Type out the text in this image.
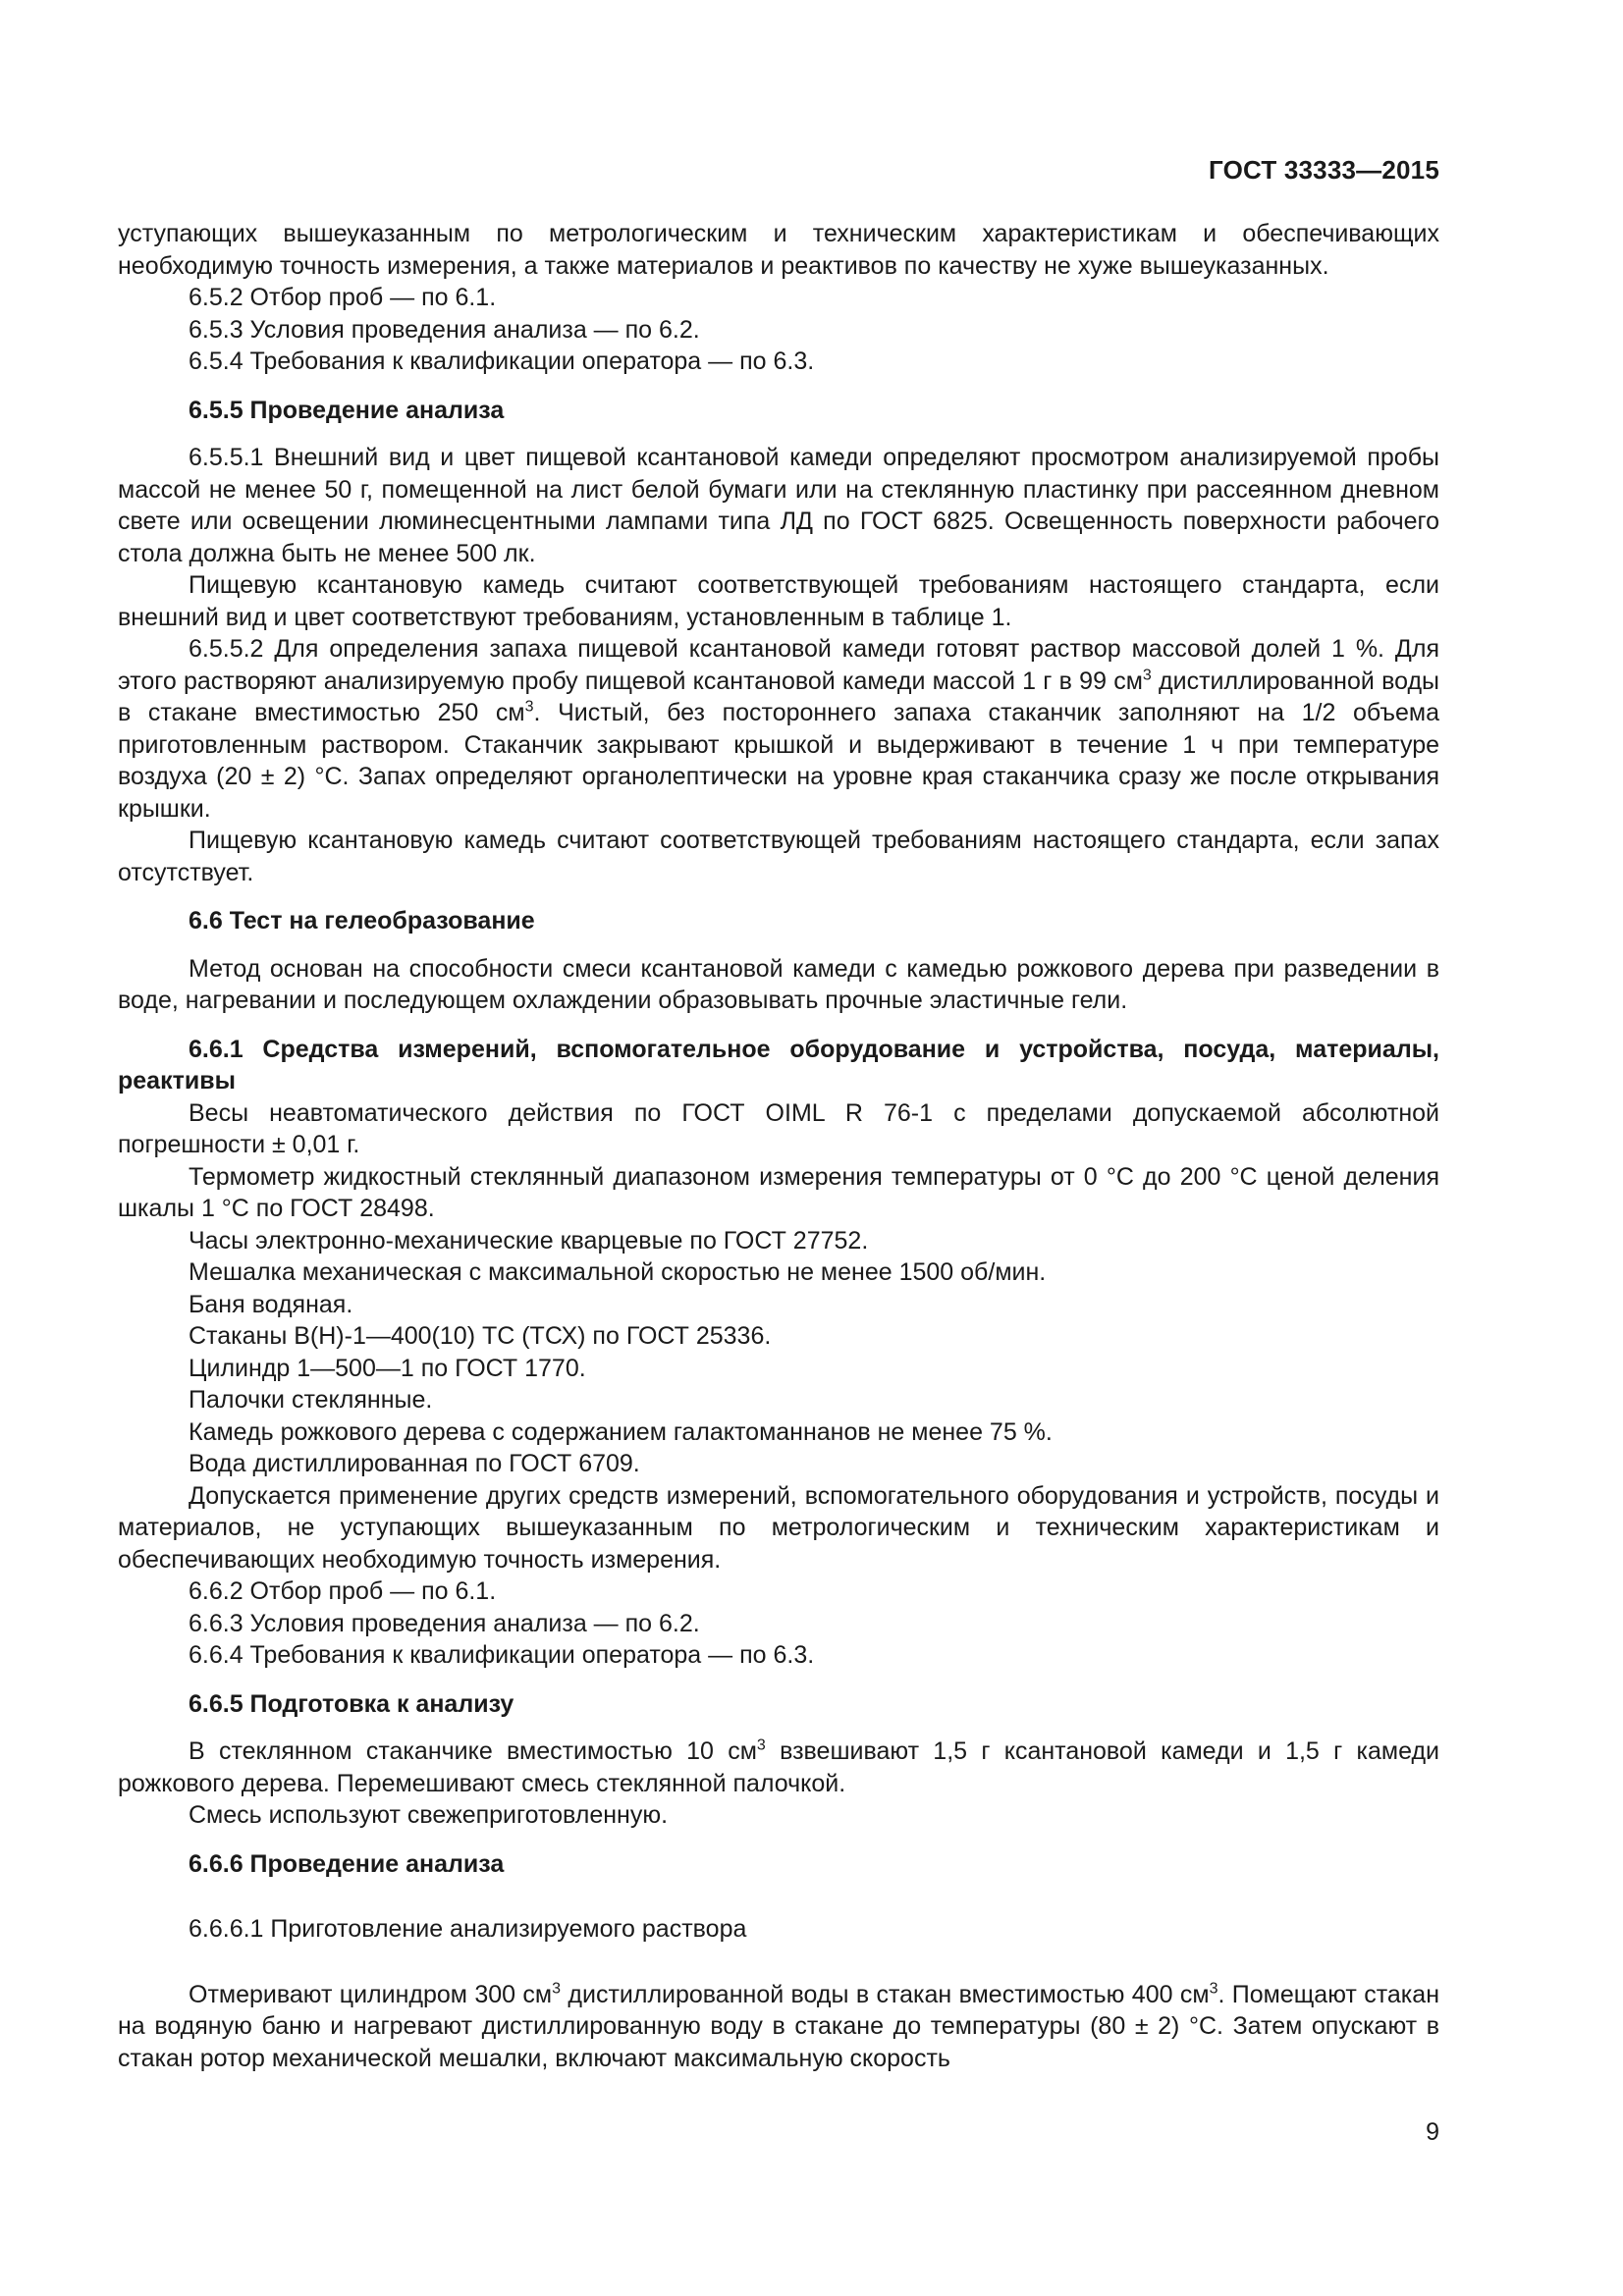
ГОСТ 33333—2015

уступающих вышеуказанным по метрологическим и техническим характеристикам и обеспечивающих необходимую точность измерения, а также материалов и реактивов по качеству не хуже вышеуказанных.

6.5.2 Отбор проб — по 6.1.

6.5.3 Условия проведения анализа — по 6.2.

6.5.4 Требования к квалификации оператора — по 6.3.

6.5.5 Проведение анализа

6.5.5.1 Внешний вид и цвет пищевой ксантановой камеди определяют просмотром анализируемой пробы массой не менее 50 г, помещенной на лист белой бумаги или на стеклянную пластинку при рассеянном дневном свете или освещении люминесцентными лампами типа ЛД по ГОСТ 6825. Освещенность поверхности рабочего стола должна быть не менее 500 лк.

Пищевую ксантановую камедь считают соответствующей требованиям настоящего стандарта, если внешний вид и цвет соответствуют требованиям, установленным в таблице 1.

6.5.5.2 Для определения запаха пищевой ксантановой камеди готовят раствор массовой долей 1 %. Для этого растворяют анализируемую пробу пищевой ксантановой камеди массой 1 г в 99 $см^3$ дистиллированной воды в стакане вместимостью 250 $см^3$. Чистый, без постороннего запаха стаканчик заполняют на 1/2 объема приготовленным раствором. Стаканчик закрывают крышкой и выдерживают в течение 1 ч при температуре воздуха (20 ± 2) °С. Запах определяют органолептически на уровне края стаканчика сразу же после открывания крышки.

Пищевую ксантановую камедь считают соответствующей требованиям настоящего стандарта, если запах отсутствует.

6.6 Тест на гелеобразование

Метод основан на способности смеси ксантановой камеди с камедью рожкового дерева при разведении в воде, нагревании и последующем охлаждении образовывать прочные эластичные гели.

6.6.1 Средства измерений, вспомогательное оборудование и устройства, посуда, материалы, реактивы

Весы неавтоматического действия по ГОСТ OIML R 76-1 с пределами допускаемой абсолютной погрешности ± 0,01 г.

Термометр жидкостный стеклянный диапазоном измерения температуры от 0 °С до 200 °С ценой деления шкалы 1 °С по ГОСТ 28498.

Часы электронно-механические кварцевые по ГОСТ 27752.

Мешалка механическая с максимальной скоростью не менее 1500 об/мин.

Баня водяная.

Стаканы В(Н)-1—400(10) ТС (ТСХ) по ГОСТ 25336.

Цилиндр 1—500—1 по ГОСТ 1770.

Палочки стеклянные.

Камедь рожкового дерева с содержанием галактоманнанов не менее 75 %.

Вода дистиллированная по ГОСТ 6709.

Допускается применение других средств измерений, вспомогательного оборудования и устройств, посуды и материалов, не уступающих вышеуказанным по метрологическим и техническим характеристикам и обеспечивающих необходимую точность измерения.

6.6.2 Отбор проб — по 6.1.

6.6.3 Условия проведения анализа — по 6.2.

6.6.4 Требования к квалификации оператора — по 6.3.

6.6.5 Подготовка к анализу

В стеклянном стаканчике вместимостью 10 $см^3$ взвешивают 1,5 г ксантановой камеди и 1,5 г камеди рожкового дерева. Перемешивают смесь стеклянной палочкой.

Смесь используют свежеприготовленную.

6.6.6 Проведение анализа

6.6.6.1 Приготовление анализируемого раствора

Отмеривают цилиндром 300 $см^3$ дистиллированной воды в стакан вместимостью 400 $см^3$. Помещают стакан на водяную баню и нагревают дистиллированную воду в стакане до температуры (80 ± 2) °С. Затем опускают в стакан ротор механической мешалки, включают максимальную скорость

9
